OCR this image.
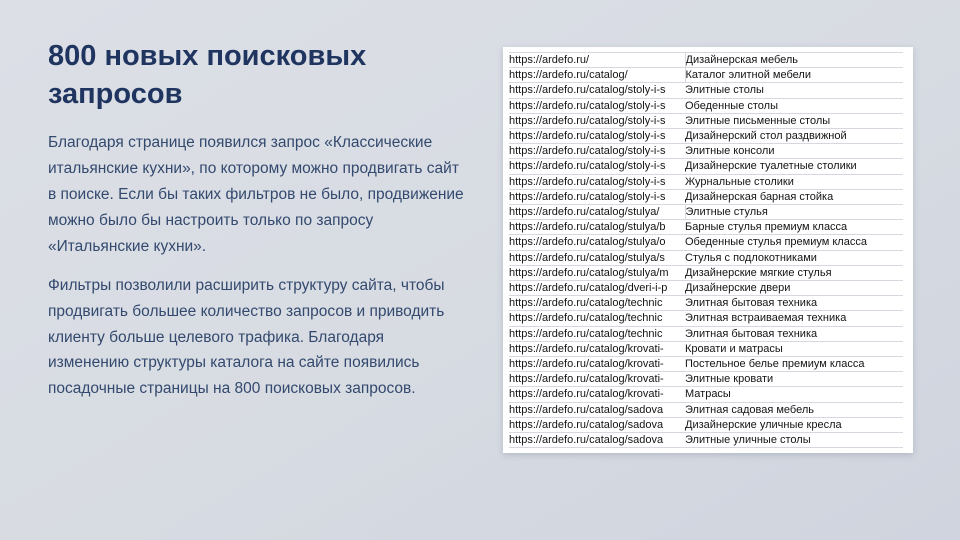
800 новых поисковых запросов

Благодаря странице появился запрос «Классические итальянские кухни», по которому можно продвигать сайт в поиске. Если бы таких фильтров не было, продвижение можно было бы настроить только по запросу «Итальянские кухни».

Фильтры позволили расширить структуру сайта, чтобы продвигать большее количество запросов и приводить клиенту больше целевого трафика. Благодаря изменению структуры каталога на сайте появились посадочные страницы на 800 поисковых запросов.

https://ardefo.ru/	Дизайнерская мебель
https://ardefo.ru/catalog/	Каталог элитной мебели
https://ardefo.ru/catalog/stoly-i-s	Элитные столы
https://ardefo.ru/catalog/stoly-i-s	Обеденные столы
https://ardefo.ru/catalog/stoly-i-s	Элитные письменные столы
https://ardefo.ru/catalog/stoly-i-s	Дизайнерский стол раздвижной
https://ardefo.ru/catalog/stoly-i-s	Элитные консоли
https://ardefo.ru/catalog/stoly-i-s	Дизайнерские туалетные столики
https://ardefo.ru/catalog/stoly-i-s	Журнальные столики
https://ardefo.ru/catalog/stoly-i-s	Дизайнерская барная стойка
https://ardefo.ru/catalog/stulya/	Элитные стулья
https://ardefo.ru/catalog/stulya/b	Барные стулья премиум класса
https://ardefo.ru/catalog/stulya/o	Обеденные стулья премиум класса
https://ardefo.ru/catalog/stulya/s	Стулья с подлокотниками
https://ardefo.ru/catalog/stulya/m	Дизайнерские мягкие стулья
https://ardefo.ru/catalog/dveri-i-p	Дизайнерские двери
https://ardefo.ru/catalog/technic	Элитная бытовая техника
https://ardefo.ru/catalog/technic	Элитная встраиваемая техника
https://ardefo.ru/catalog/technic	Элитная бытовая техника
https://ardefo.ru/catalog/krovati-	Кровати и матрасы
https://ardefo.ru/catalog/krovati-	Постельное белье премиум класса
https://ardefo.ru/catalog/krovati-	Элитные кровати
https://ardefo.ru/catalog/krovati-	Матрасы
https://ardefo.ru/catalog/sadova	Элитная садовая мебель
https://ardefo.ru/catalog/sadova	Дизайнерские уличные кресла
https://ardefo.ru/catalog/sadova	Элитные уличные столы
